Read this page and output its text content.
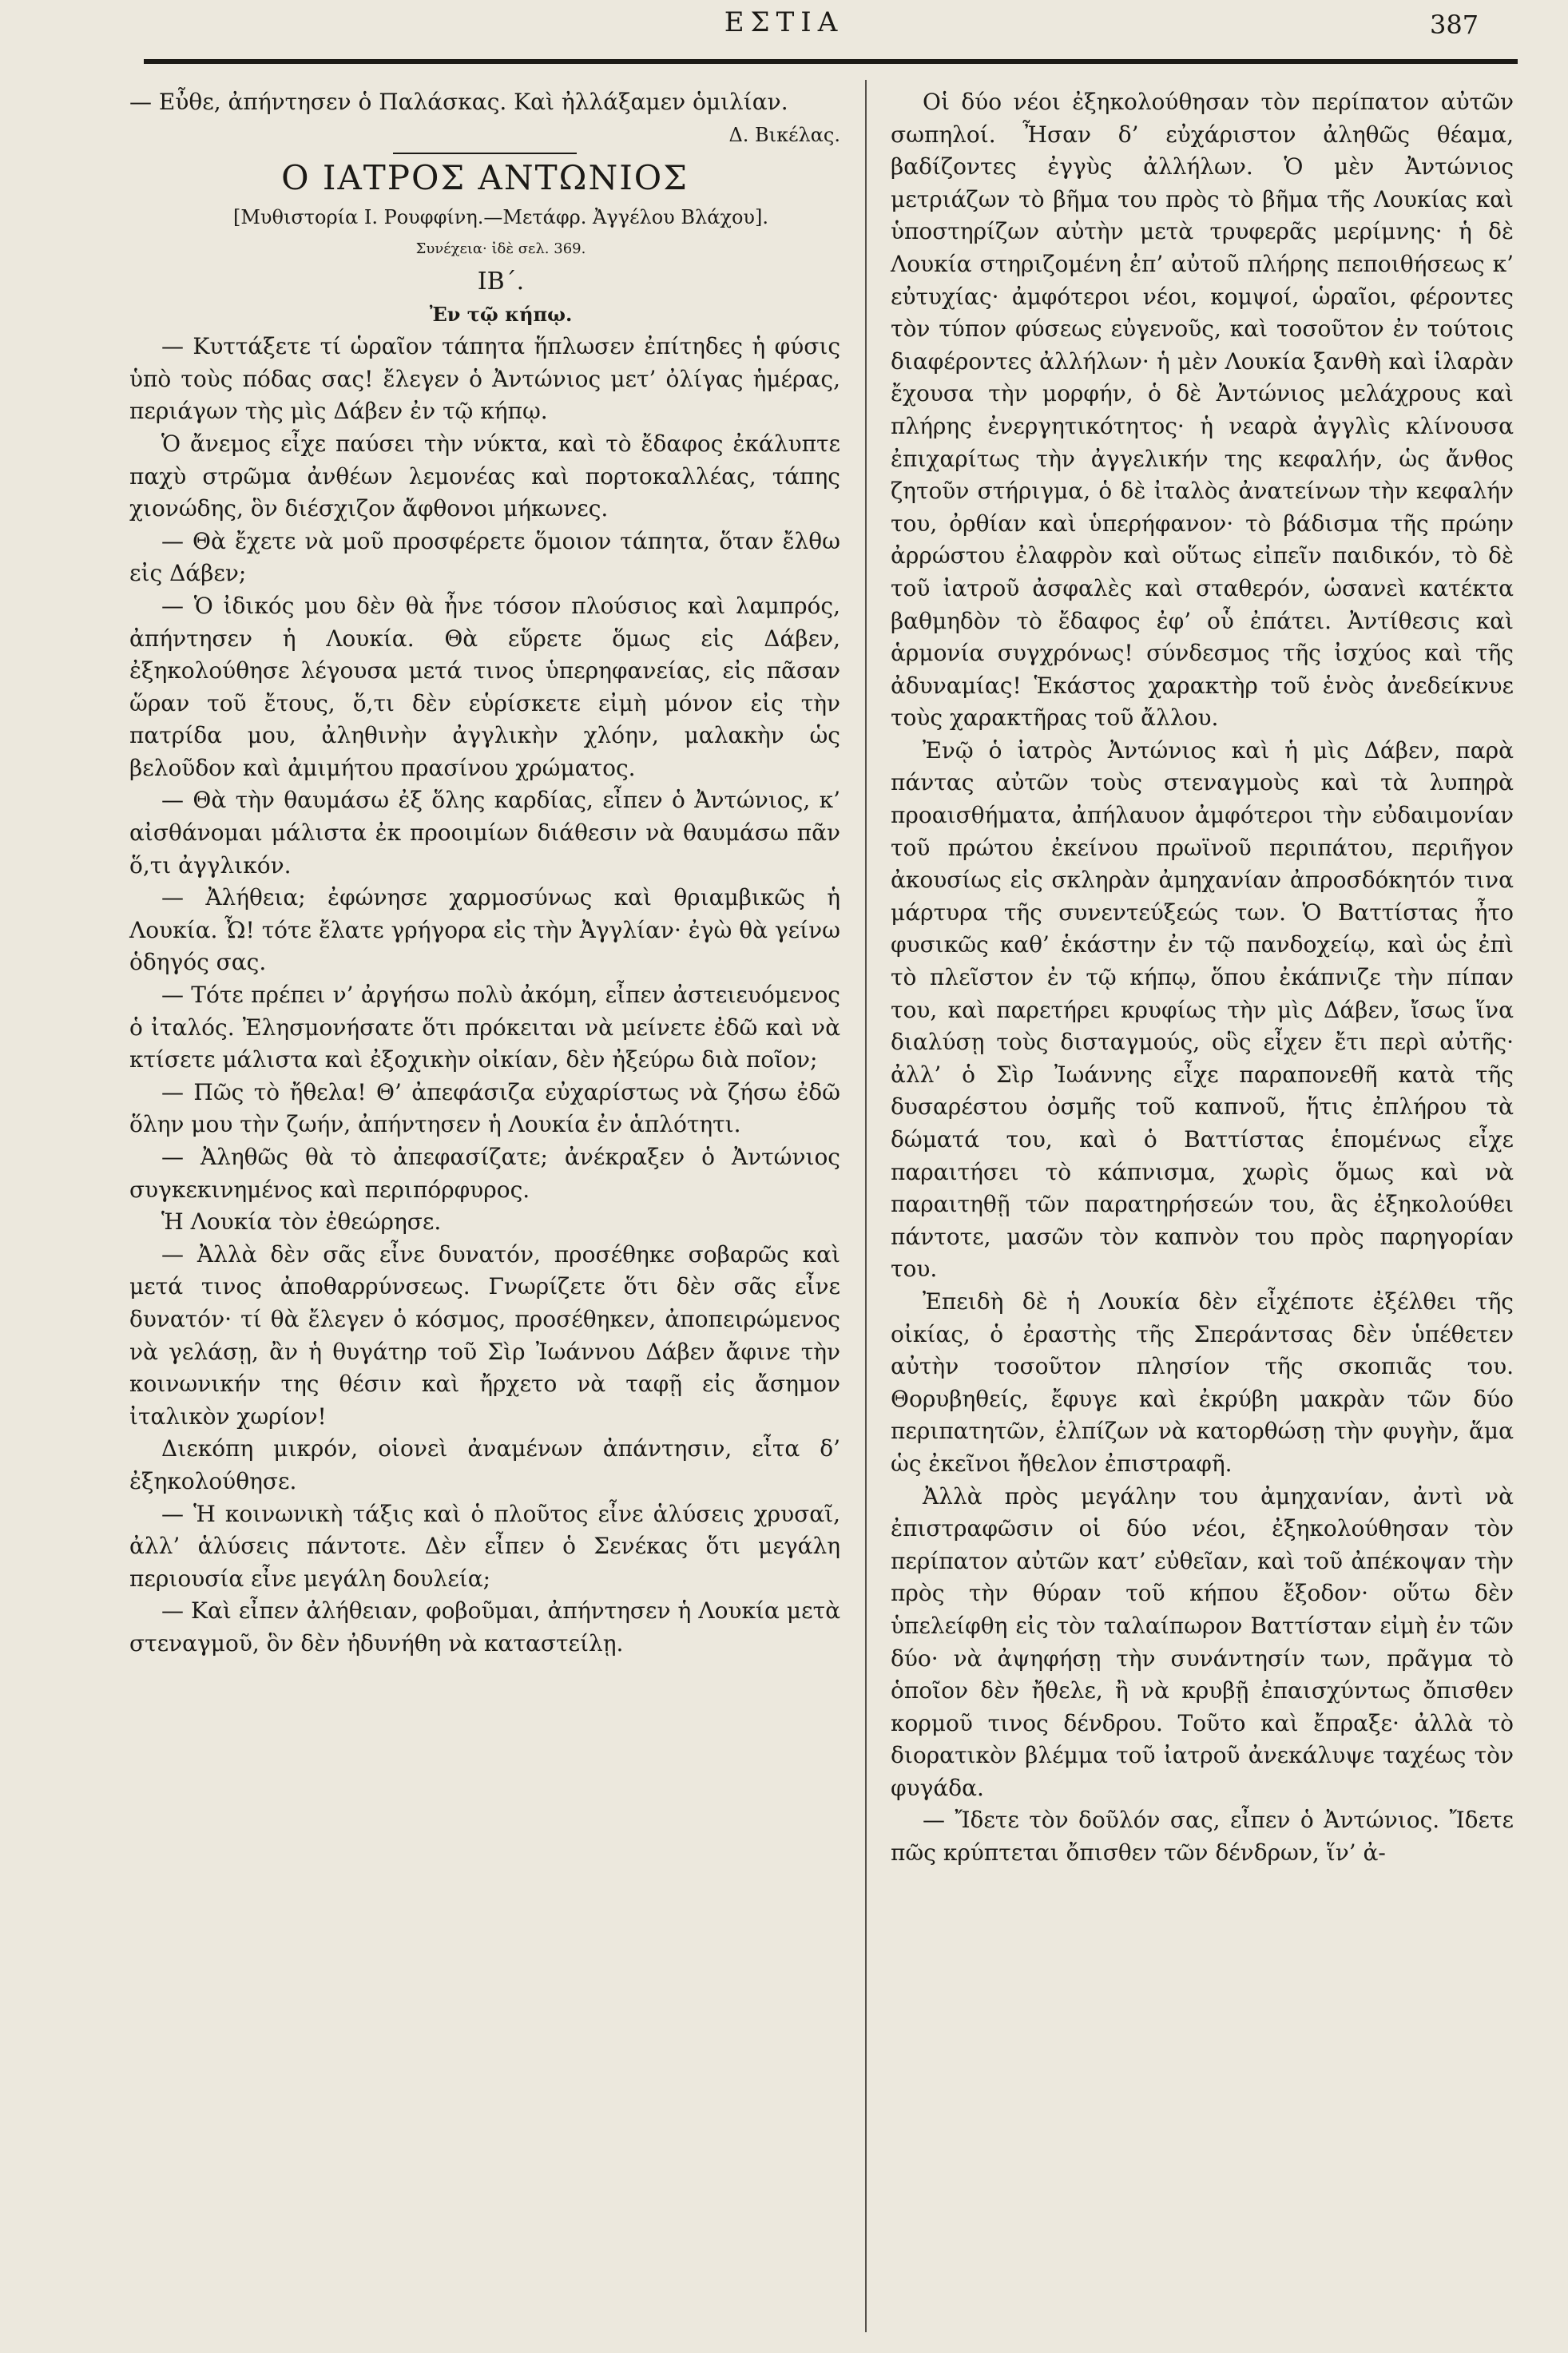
ΕΣΤΙΑ	387

— Εὖθε, ἀπήντησεν ὁ Παλάσκας. Καὶ ἠλλάξαμεν ὁμιλίαν.

Δ. Βικέλας.

Ο ΙΑΤΡΟΣ ΑΝΤΩΝΙΟΣ

[Μυθιστορία Ι. Ρουφφίνη.—Μετάφρ. Ἀγγέλου Βλάχου].

Συνέχεια· ἰδὲ σελ. 369.

ΙΒ΄.

Ἐν τῷ κήπῳ.

— Κυττάξετε τί ὡραῖον τάπητα ἥπλωσεν ἐπίτηδες ἡ φύσις ὑπὸ τοὺς πόδας σας! ἔλεγεν ὁ Ἀντώνιος μετ’ ὀλίγας ἡμέρας, περιάγων τὴς μὶς Δάβεν ἐν τῷ κήπῳ.

Ὁ ἄνεμος εἶχε παύσει τὴν νύκτα, καὶ τὸ ἔδαφος ἐκάλυπτε παχὺ στρῶμα ἀνθέων λεμονέας καὶ πορτοκαλλέας, τάπης χιονώδης, ὃν διέσχιζον ἄφθονοι μήκωνες.

— Θὰ ἔχετε νὰ μοῦ προσφέρετε ὅμοιον τάπητα, ὅταν ἔλθω εἰς Δάβεν;

— Ὁ ἰδικός μου δὲν θὰ ἦνε τόσον πλούσιος καὶ λαμπρός, ἀπήντησεν ἡ Λουκία. Θὰ εὕρετε ὅμως εἰς Δάβεν, ἐξηκολούθησε λέγουσα μετά τινος ὑπερηφανείας, εἰς πᾶσαν ὥραν τοῦ ἔτους, ὅ,τι δὲν εὑρίσκετε εἰμὴ μόνον εἰς τὴν πατρίδα μου, ἀληθινὴν ἀγγλικὴν χλόην, μαλακὴν ὡς βελοῦδον καὶ ἀμιμήτου πρασίνου χρώματος.

— Θὰ τὴν θαυμάσω ἐξ ὅλης καρδίας, εἶπεν ὁ Ἀντώνιος, κ’ αἰσθάνομαι μάλιστα ἐκ προοιμίων διάθεσιν νὰ θαυμάσω πᾶν ὅ,τι ἀγγλικόν.

— Ἀλήθεια; ἐφώνησε χαρμοσύνως καὶ θριαμβικῶς ἡ Λουκία. Ὦ! τότε ἔλατε γρήγορα εἰς τὴν Ἀγγλίαν· ἐγὼ θὰ γείνω ὁδηγός σας.

— Τότε πρέπει ν’ ἀργήσω πολὺ ἀκόμη, εἶπεν ἀστειευόμενος ὁ ἰταλός. Ἐλησμονήσατε ὅτι πρόκειται νὰ μείνετε ἐδῶ καὶ νὰ κτίσετε μάλιστα καὶ ἐξοχικὴν οἰκίαν, δὲν ἠξεύρω διὰ ποῖον;

— Πῶς τὸ ἤθελα! Θ’ ἀπεφάσιζα εὐχαρίστως νὰ ζήσω ἐδῶ ὅλην μου τὴν ζωήν, ἀπήντησεν ἡ Λουκία ἐν ἁπλότητι.

— Ἀληθῶς θὰ τὸ ἀπεφασίζατε; ἀνέκραξεν ὁ Ἀντώνιος συγκεκινημένος καὶ περιπόρφυρος.

Ἡ Λουκία τὸν ἐθεώρησε.

— Ἀλλὰ δὲν σᾶς εἶνε δυνατόν, προσέθηκε σοβαρῶς καὶ μετά τινος ἀποθαρρύνσεως. Γνωρίζετε ὅτι δὲν σᾶς εἶνε δυνατόν· τί θὰ ἔλεγεν ὁ κόσμος, προσέθηκεν, ἀποπειρώμενος νὰ γελάσῃ, ἂν ἡ θυγάτηρ τοῦ Σὶρ Ἰωάννου Δάβεν ἄφινε τὴν κοινωνικήν της θέσιν καὶ ἤρχετο νὰ ταφῇ εἰς ἄσημον ἰταλικὸν χωρίον!

Διεκόπη μικρόν, οἱονεὶ ἀναμένων ἀπάντησιν, εἶτα δ’ ἐξηκολούθησε.

— Ἡ κοινωνικὴ τάξις καὶ ὁ πλοῦτος εἶνε ἁλύσεις χρυσαῖ, ἀλλ’ ἁλύσεις πάντοτε. Δὲν εἶπεν ὁ Σενέκας ὅτι μεγάλη περιουσία εἶνε μεγάλη δουλεία;

— Καὶ εἶπεν ἀλήθειαν, φοβοῦμαι, ἀπήντησεν ἡ Λουκία μετὰ στεναγμοῦ, ὃν δὲν ἠδυνήθη νὰ καταστείλῃ.

Οἱ δύο νέοι ἐξηκολούθησαν τὸν περίπατον αὐτῶν σωπηλοί. Ἦσαν δ’ εὐχάριστον ἀληθῶς θέαμα, βαδίζοντες ἐγγὺς ἀλλήλων. Ὁ μὲν Ἀντώνιος μετριάζων τὸ βῆμα του πρὸς τὸ βῆμα τῆς Λουκίας καὶ ὑποστηρίζων αὐτὴν μετὰ τρυφερᾶς μερίμνης· ἡ δὲ Λουκία στηριζομένη ἐπ’ αὐτοῦ πλήρης πεποιθήσεως κ’ εὐτυχίας· ἀμφότεροι νέοι, κομψοί, ὡραῖοι, φέροντες τὸν τύπον φύσεως εὐγενοῦς, καὶ τοσοῦτον ἐν τούτοις διαφέροντες ἀλλήλων· ἡ μὲν Λουκία ξανθὴ καὶ ἱλαρὰν ἔχουσα τὴν μορφήν, ὁ δὲ Ἀντώνιος μελάχρους καὶ πλήρης ἐνεργητικότητος· ἡ νεαρὰ ἀγγλὶς κλίνουσα ἐπιχαρίτως τὴν ἀγγελικήν της κεφαλήν, ὡς ἄνθος ζητοῦν στήριγμα, ὁ δὲ ἰταλὸς ἀνατείνων τὴν κεφαλήν του, ὀρθίαν καὶ ὑπερήφανον· τὸ βάδισμα τῆς πρώην ἀρρώστου ἐλαφρὸν καὶ οὕτως εἰπεῖν παιδικόν, τὸ δὲ τοῦ ἰατροῦ ἀσφαλὲς καὶ σταθερόν, ὡσανεὶ κατέκτα βαθμηδὸν τὸ ἔδαφος ἐφ’ οὗ ἐπάτει. Ἀντίθεσις καὶ ἁρμονία συγχρόνως! σύνδεσμος τῆς ἰσχύος καὶ τῆς ἀδυναμίας! Ἑκάστος χαρακτὴρ τοῦ ἑνὸς ἀνεδείκνυε τοὺς χαρακτῆρας τοῦ ἄλλου.

Ἐνῷ ὁ ἰατρὸς Ἀντώνιος καὶ ἡ μὶς Δάβεν, παρὰ πάντας αὐτῶν τοὺς στεναγμοὺς καὶ τὰ λυπηρὰ προαισθήματα, ἀπήλαυον ἀμφότεροι τὴν εὐδαιμονίαν τοῦ πρώτου ἐκείνου πρωϊνοῦ περιπάτου, περιῆγον ἀκουσίως εἰς σκληρὰν ἀμηχανίαν ἀπροσδόκητόν τινα μάρτυρα τῆς συνεντεύξεώς των. Ὁ Βαττίστας ἦτο φυσικῶς καθ’ ἑκάστην ἐν τῷ πανδοχείῳ, καὶ ὡς ἐπὶ τὸ πλεῖστον ἐν τῷ κήπῳ, ὅπου ἐκάπνιζε τὴν πίπαν του, καὶ παρετήρει κρυφίως τὴν μὶς Δάβεν, ἴσως ἵνα διαλύσῃ τοὺς δισταγμούς, οὓς εἶχεν ἔτι περὶ αὐτῆς· ἀλλ’ ὁ Σὶρ Ἰωάννης εἶχε παραπονεθῆ κατὰ τῆς δυσαρέστου ὀσμῆς τοῦ καπνοῦ, ἥτις ἐπλήρου τὰ δώματά του, καὶ ὁ Βαττίστας ἑπομένως εἶχε παραιτήσει τὸ κάπνισμα, χωρὶς ὅμως καὶ νὰ παραιτηθῇ τῶν παρατηρήσεών του, ἃς ἐξηκολούθει πάντοτε, μασῶν τὸν καπνὸν του πρὸς παρηγορίαν του.

Ἐπειδὴ δὲ ἡ Λουκία δὲν εἶχέποτε ἐξέλθει τῆς οἰκίας, ὁ ἐραστὴς τῆς Σπεράντσας δὲν ὑπέθετεν αὐτὴν τοσοῦτον πλησίον τῆς σκοπιᾶς του. Θορυβηθείς, ἔφυγε καὶ ἐκρύβη μακρὰν τῶν δύο περιπατητῶν, ἐλπίζων νὰ κατορθώσῃ τὴν φυγὴν, ἅμα ὡς ἐκεῖνοι ἤθελον ἐπιστραφῆ.

Ἀλλὰ πρὸς μεγάλην του ἀμηχανίαν, ἀντὶ νὰ ἐπιστραφῶσιν οἱ δύο νέοι, ἐξηκολούθησαν τὸν περίπατον αὐτῶν κατ’ εὐθεῖαν, καὶ τοῦ ἀπέκοψαν τὴν πρὸς τὴν θύραν τοῦ κήπου ἔξοδον· οὕτω δὲν ὑπελείφθη εἰς τὸν ταλαίπωρον Βαττίσταν εἰμὴ ἐν τῶν δύο· νὰ ἀψηφήσῃ τὴν συνάντησίν των, πρᾶγμα τὸ ὁποῖον δὲν ἤθελε, ἢ νὰ κρυβῇ ἐπαισχύντως ὄπισθεν κορμοῦ τινος δένδρου. Τοῦτο καὶ ἔπραξε· ἀλλὰ τὸ διορατικὸν βλέμμα τοῦ ἰατροῦ ἀνεκάλυψε ταχέως τὸν φυγάδα.

— Ἴδετε τὸν δοῦλόν σας, εἶπεν ὁ Ἀντώνιος. Ἴδετε πῶς κρύπτεται ὄπισθεν τῶν δένδρων, ἵν’ ἀ-
